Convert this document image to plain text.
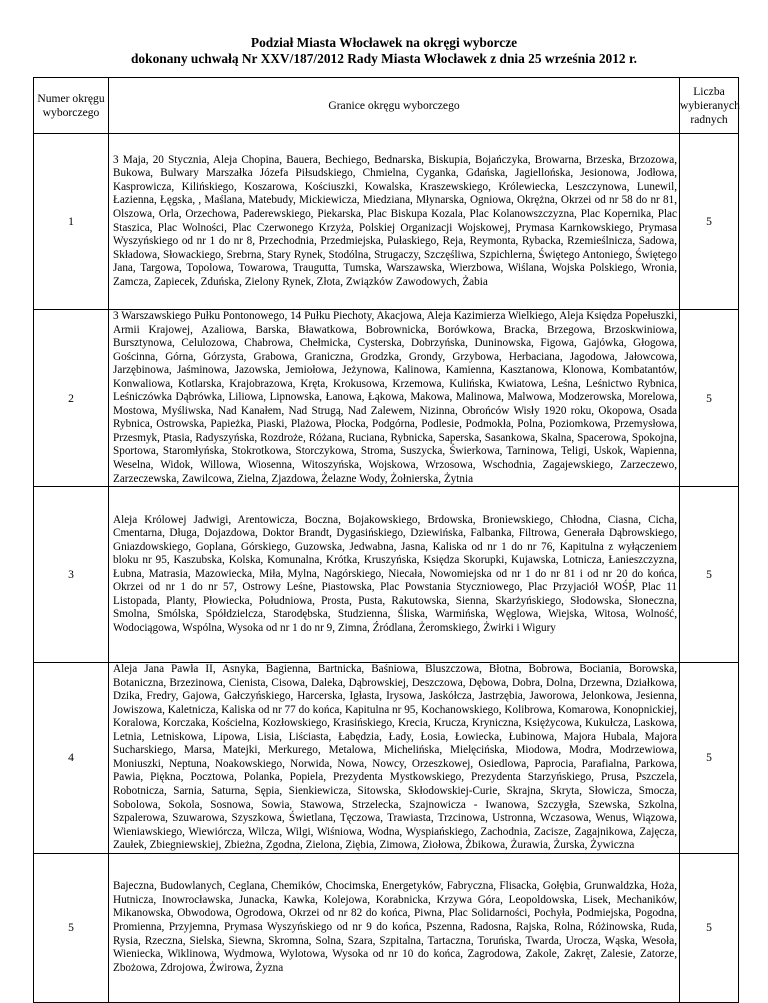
Podział Miasta Włocławek na okręgi wyborcze
dokonany uchwałą Nr XXV/187/2012 Rady Miasta Włocławek z dnia 25 września 2012 r.
Numer okręgu wyborczego	Granice okręgu wyborczego	Liczba wybieranych radnych
1	3 Maja, 20 Stycznia, Aleja Chopina, Bauera, Bechiego, Bednarska, Biskupia, Bojańczyka, Browarna, Brzeska, Brzozowa, Bukowa, Bulwary Marszałka Józefa Piłsudskiego, Chmielna, Cyganka, Gdańska, Jagiellońska, Jesionowa, Jodłowa, Kasprowicza, Kilińskiego, Koszarowa, Kościuszki, Kowalska, Kraszewskiego, Królewiecka, Leszczynowa, Lunewil, Łazienna, Łęgska, , Maślana, Matebudy, Mickiewicza, Miedziana, Młynarska, Ogniowa, Okrężna, Okrzei od nr 58 do nr 81, Olszowa, Orla, Orzechowa, Paderewskiego, Piekarska, Plac Biskupa Kozala, Plac Kolanowszczyzna, Plac Kopernika, Plac Staszica, Plac Wolności, Plac Czerwonego Krzyża, Polskiej Organizacji Wojskowej, Prymasa Karnkowskiego, Prymasa Wyszyńskiego od nr 1 do nr 8, Przechodnia, Przedmiejska, Pułaskiego, Reja, Reymonta, Rybacka, Rzemieślnicza, Sadowa, Składowa, Słowackiego, Srebrna, Stary Rynek, Stodólna, Strugaczy, Szczęśliwa, Szpichlerna, Świętego Antoniego, Świętego Jana, Targowa, Topolowa, Towarowa, Traugutta, Tumska, Warszawska, Wierzbowa, Wiślana, Wojska Polskiego, Wronia, Zamcza, Zapiecek, Zduńska, Zielony Rynek, Złota, Związków Zawodowych, Żabia	5
2	3 Warszawskiego Pułku Pontonowego, 14 Pułku Piechoty, Akacjowa, Aleja Kazimierza Wielkiego, Aleja Księdza Popełuszki, Armii Krajowej, Azaliowa, Barska, Bławatkowa, Bobrownicka, Borówkowa, Bracka, Brzegowa, Brzoskwiniowa, Bursztynowa, Celulozowa, Chabrowa, Chełmicka, Cysterska, Dobrzyńska, Duninowska, Figowa, Gajówka, Głogowa, Gościnna, Górna, Górzysta, Grabowa, Graniczna, Grodzka, Grondy, Grzybowa, Herbaciana, Jagodowa, Jałowcowa, Jarzębinowa, Jaśminowa, Jazowska, Jemiołowa, Jeżynowa, Kalinowa, Kamienna, Kasztanowa, Klonowa, Kombatantów, Konwaliowa, Kotlarska, Krajobrazowa, Kręta, Krokusowa, Krzemowa, Kulińska, Kwiatowa, Leśna, Leśnictwo Rybnica, Leśniczówka Dąbrówka, Liliowa, Lipnowska, Łanowa, Łąkowa, Makowa, Malinowa, Malwowa, Modzerowska, Morelowa, Mostowa, Myśliwska, Nad Kanałem, Nad Strugą, Nad Zalewem, Nizinna, Obrońców Wisły 1920 roku, Okopowa, Osada Rybnica, Ostrowska, Papieżka, Piaski, Plażowa, Płocka, Podgórna, Podlesie, Podmokła, Polna, Poziomkowa, Przemysłowa, Przesmyk, Ptasia, Radyszyńska, Rozdroże, Różana, Ruciana, Rybnicka, Saperska, Sasankowa, Skalna, Spacerowa, Spokojna, Sportowa, Staromłyńska, Stokrotkowa, Storczykowa, Stroma, Suszycka, Świerkowa, Tarninowa, Teligi, Uskok, Wapienna, Weselna, Widok, Willowa, Wiosenna, Witoszyńska, Wojskowa, Wrzosowa, Wschodnia, Zagajewskiego, Zarzeczewo, Zarzeczewska, Zawilcowa, Zielna, Zjazdowa, Żelazne Wody, Żołnierska, Żytnia	5
3	Aleja Królowej Jadwigi, Arentowicza, Boczna, Bojakowskiego, Brdowska, Broniewskiego, Chłodna, Ciasna, Cicha, Cmentarna, Długa, Dojazdowa, Doktor Brandt, Dygasińskiego, Dziewińska, Falbanka, Filtrowa, Generała Dąbrowskiego, Gniazdowskiego, Goplana, Górskiego, Guzowska, Jedwabna, Jasna, Kaliska od nr 1 do nr 76, Kapitulna z wyłączeniem bloku nr 95, Kaszubska, Kolska, Komunalna, Krótka, Kruszyńska, Księdza Skorupki, Kujawska, Lotnicza, Łanieszczyzna, Łubna, Matrasia, Mazowiecka, Miła, Mylna, Nagórskiego, Niecała, Nowomiejska od nr 1 do nr 81 i od nr 20 do końca, Okrzei od nr 1 do nr 57, Ostrowy Leśne, Piastowska, Plac Powstania Styczniowego, Plac Przyjaciół WOŚP, Plac 11 Listopada, Planty, Płowiecka, Południowa, Prosta, Pusta, Rakutowska, Sienna, Skarżyńskiego, Słodowska, Słoneczna, Smolna, Smólska, Spółdzielcza, Starodębska, Studzienna, Śliska, Warmińska, Węglowa, Wiejska, Witosa, Wolność, Wodociągowa, Wspólna, Wysoka od nr 1 do nr 9, Zimna, Źródlana, Żeromskiego, Żwirki i Wigury	5
4	Aleja Jana Pawła II, Asnyka, Bagienna, Bartnicka, Baśniowa, Bluszczowa, Błotna, Bobrowa, Bociania, Borowska, Botaniczna, Brzezinowa, Cienista, Cisowa, Daleka, Dąbrowskiej, Deszczowa, Dębowa, Dobra, Dolna, Drzewna, Działkowa, Dzika, Fredry, Gajowa, Gałczyńskiego, Harcerska, Igłasta, Irysowa, Jaskółcza, Jastrzębia, Jaworowa, Jelonkowa, Jesienna, Jowiszowa, Kaletnicza, Kaliska od nr 77 do końca, Kapitulna nr 95, Kochanowskiego, Kolibrowa, Komarowa, Konopnickiej, Koralowa, Korczaka, Kościelna, Kozłowskiego, Krasińskiego, Krecia, Krucza, Kryniczna, Księżycowa, Kukułcza, Laskowa, Letnia, Letniskowa, Lipowa, Lisia, Liściasta, Łabędzia, Łady, Łosia, Łowiecka, Łubinowa, Majora Hubala, Majora Sucharskiego, Marsa, Matejki, Merkurego, Metalowa, Michelińska, Mielęcińska, Miodowa, Modra, Modrzewiowa, Moniuszki, Neptuna, Noakowskiego, Norwida, Nowa, Nowcy, Orzeszkowej, Osiedlowa, Paprocia, Parafialna, Parkowa, Pawia, Piękna, Pocztowa, Polanka, Popiela, Prezydenta Mystkowskiego, Prezydenta Starzyńskiego, Prusa, Pszczela, Robotnicza, Sarnia, Saturna, Sępia, Sienkiewicza, Sitowska, Skłodowskiej-Curie, Skrajna, Skryta, Słowicza, Smocza, Sobolowa, Sokola, Sosnowa, Sowia, Stawowa, Strzelecka, Szajnowicza - Iwanowa, Szczygła, Szewska, Szkolna, Szpalerowa, Szuwarowa, Szyszkowa, Świetlana, Tęczowa, Trawiasta, Trzcinowa, Ustronna, Wczasowa, Wenus, Wiązowa, Wieniawskiego, Wiewiórcza, Wilcza, Wilgi, Wiśniowa, Wodna, Wyspiańskiego, Zachodnia, Zacisze, Zagajnikowa, Zajęcza, Zaułek, Zbiegniewskiej, Zbieżna, Zgodna, Zielona, Ziębia, Zimowa, Ziołowa, Żbikowa, Żurawia, Żurska, Żywiczna	5
5	Bajeczna, Budowlanych, Ceglana, Chemików, Chocimska, Energetyków, Fabryczna, Flisacka, Gołębia, Grunwaldzka, Hoża, Hutnicza, Inowrocławska, Junacka, Kawka, Kolejowa, Korabnicka, Krzywa Góra, Leopoldowska, Lisek, Mechaników, Mikanowska, Obwodowa, Ogrodowa, Okrzei od nr 82 do końca, Piwna, Plac Solidarności, Pochyła, Podmiejska, Pogodna, Promienna, Przyjemna, Prymasa Wyszyńskiego od nr 9 do końca, Pszenna, Radosna, Rajska, Rolna, Różinowska, Ruda, Rysia, Rzeczna, Sielska, Siewna, Skromna, Solna, Szara, Szpitalna, Tartaczna, Toruńska, Twarda, Urocza, Wąska, Wesoła, Wieniecka, Wiklinowa, Wydmowa, Wylotowa, Wysoka od nr 10 do końca, Zagrodowa, Zakole, Zakręt, Zalesie, Zatorze, Zbożowa, Zdrojowa, Żwirowa, Żyzna	5
